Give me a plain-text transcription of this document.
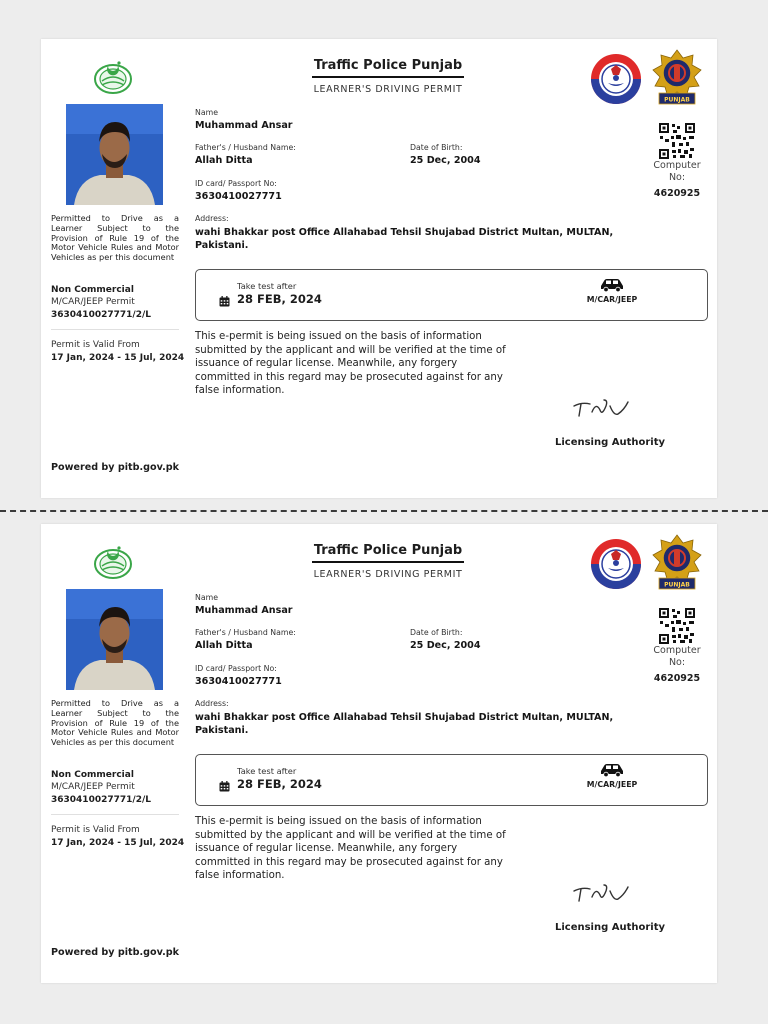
Permitted to Drive as a Learner Subject to the Provision of Rule 19 of the Motor Vehicle Rules and Motor Vehicles as per this document
Non Commercial
M/CAR/JEEP Permit
3630410027771/2/L
Permit is Valid From
17 Jan, 2024 - 15 Jul, 2024
Powered by pitb.gov.pk
Traffic Police Punjab
LEARNER'S DRIVING PERMIT
PUNJAB
Name
Muhammad Ansar
Father's / Husband Name:
Allah Ditta
Date of Birth:
25 Dec, 2004
ID card/ Passport No:
3630410027771
Address:
wahi Bhakkar post Office Allahabad Tehsil Shujabad District Multan, MULTAN, Pakistani.
Computer No:
4620925
Take test after
28 FEB, 2024	M/CAR/JEEP
This e-permit is being issued on the basis of information submitted by the applicant and will be verified at the time of issuance of regular license. Meanwhile, any forgery committed in this regard may be prosecuted against for any false information.
Licensing Authority
Permitted to Drive as a Learner Subject to the Provision of Rule 19 of the Motor Vehicle Rules and Motor Vehicles as per this document
Non Commercial
M/CAR/JEEP Permit
3630410027771/2/L
Permit is Valid From
17 Jan, 2024 - 15 Jul, 2024
Powered by pitb.gov.pk
Traffic Police Punjab
LEARNER'S DRIVING PERMIT
PUNJAB
Name
Muhammad Ansar
Father's / Husband Name:
Allah Ditta
Date of Birth:
25 Dec, 2004
ID card/ Passport No:
3630410027771
Address:
wahi Bhakkar post Office Allahabad Tehsil Shujabad District Multan, MULTAN, Pakistani.
Computer No:
4620925
Take test after
28 FEB, 2024	M/CAR/JEEP
This e-permit is being issued on the basis of information submitted by the applicant and will be verified at the time of issuance of regular license. Meanwhile, any forgery committed in this regard may be prosecuted against for any false information.
Licensing Authority
